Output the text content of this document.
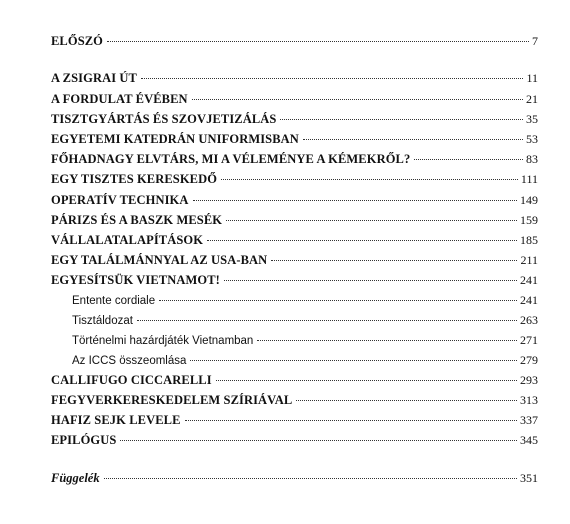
ELŐSZÓ	7
A ZSIGRAI ÚT	11
A FORDULAT ÉVÉBEN	21
TISZTGYÁRTÁS ÉS SZOVJETIZÁLÁS	35
EGYETEMI KATEDRÁN UNIFORMISBAN	53
FŐHADNAGY ELVTÁRS, MI A VÉLEMÉNYE A KÉMEKRŐL?	83
EGY TISZTES KERESKEDŐ	111
OPERATÍV TECHNIKA	149
PÁRIZS ÉS A BASZK MESÉK	159
VÁLLALATALAPÍTÁSOK	185
EGY TALÁLMÁNNYAL AZ USA-BAN	211
EGYESÍTSÜK VIETNAMOT!	241
Entente cordiale	241
Tisztáldozat	263
Történelmi hazárdjáték Vietnamban	271
Az ICCS összeomlása	279
CALLIFUGO CICCARELLI	293
FEGYVERKERESKEDELEM SZÍRIÁVAL	313
HAFIZ SEJK LEVELE	337
EPILÓGUS	345
Függelék	351
